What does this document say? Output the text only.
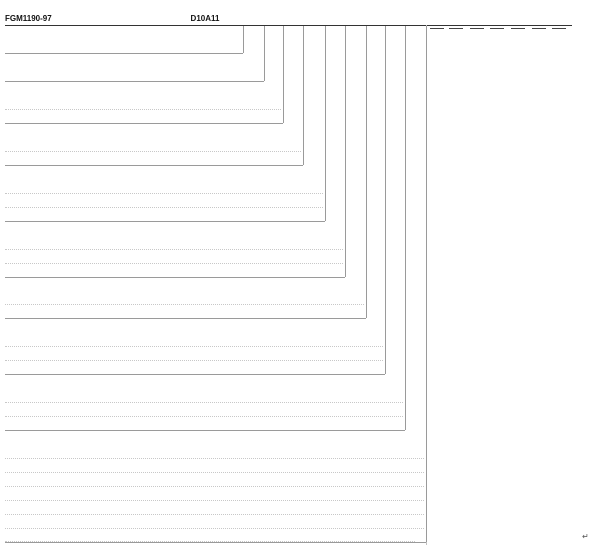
FGM1190-97	D10A11
↵
